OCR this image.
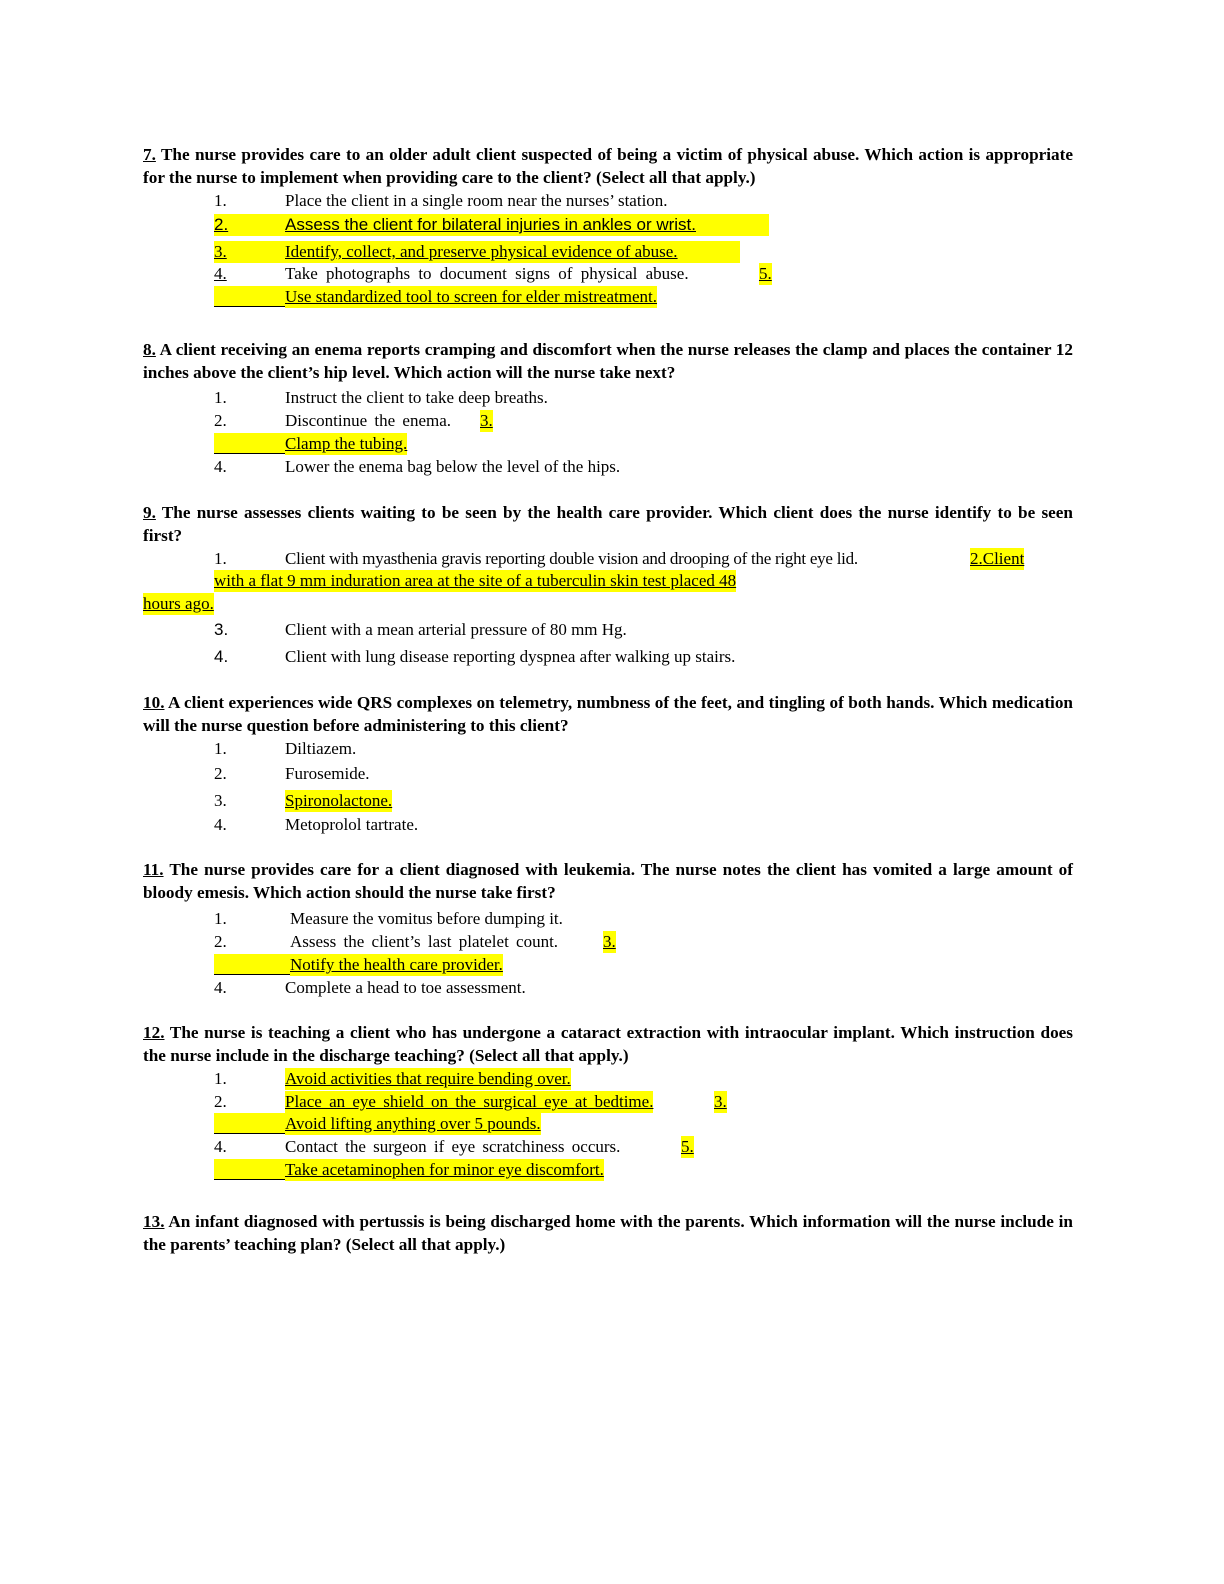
7. The nurse provides care to an older adult client suspected of being a victim of physical abuse. Which action is appropriate for the nurse to implement when providing care to the client? (Select all that apply.)

1.	Place the client in a single room near the nurses’ station.
2.	Assess the client for bilateral injuries in ankles or wrist.
3.	Identify, collect, and preserve physical evidence of abuse.
4.	Take photographs to document signs of physical abuse.	5.
Use standardized tool to screen for elder mistreatment.

8. A client receiving an enema reports cramping and discomfort when the nurse releases the clamp and places the container 12 inches above the client’s hip level. Which action will the nurse take next?

1.	Instruct the client to take deep breaths.
2.	Discontinue the enema. 3.
Clamp the tubing.
4.	Lower the enema bag below the level of the hips.

9. The nurse assesses clients waiting to be seen by the health care provider. Which client does the nurse identify to be seen first?

1.	Client with myasthenia gravis reporting double vision and drooping of the right eye lid.	2.Client
with a flat 9 mm induration area at the site of a tuberculin skin test placed 48
hours ago.
3.	Client with a mean arterial pressure of 80 mm Hg.
4.	Client with lung disease reporting dyspnea after walking up stairs.

10. A client experiences wide QRS complexes on telemetry, numbness of the feet, and tingling of both hands. Which medication will the nurse question before administering to this client?

1.	Diltiazem.
2.	Furosemide.
3.	Spironolactone.
4.	Metoprolol tartrate.

11. The nurse provides care for a client diagnosed with leukemia. The nurse notes the client has vomited a large amount of bloody emesis. Which action should the nurse take first?

1.	Measure the vomitus before dumping it.
2.	Assess the client’s last platelet count.	3.
Notify the health care provider.
4.	Complete a head to toe assessment.

12. The nurse is teaching a client who has undergone a cataract extraction with intraocular implant. Which instruction does the nurse include in the discharge teaching? (Select all that apply.)

1.	Avoid activities that require bending over.
2.	Place an eye shield on the surgical eye at bedtime.	3.
Avoid lifting anything over 5 pounds.
4.	Contact the surgeon if eye scratchiness occurs.	5.
Take acetaminophen for minor eye discomfort.

13. An infant diagnosed with pertussis is being discharged home with the parents. Which information will the nurse include in the parents’ teaching plan? (Select all that apply.)
